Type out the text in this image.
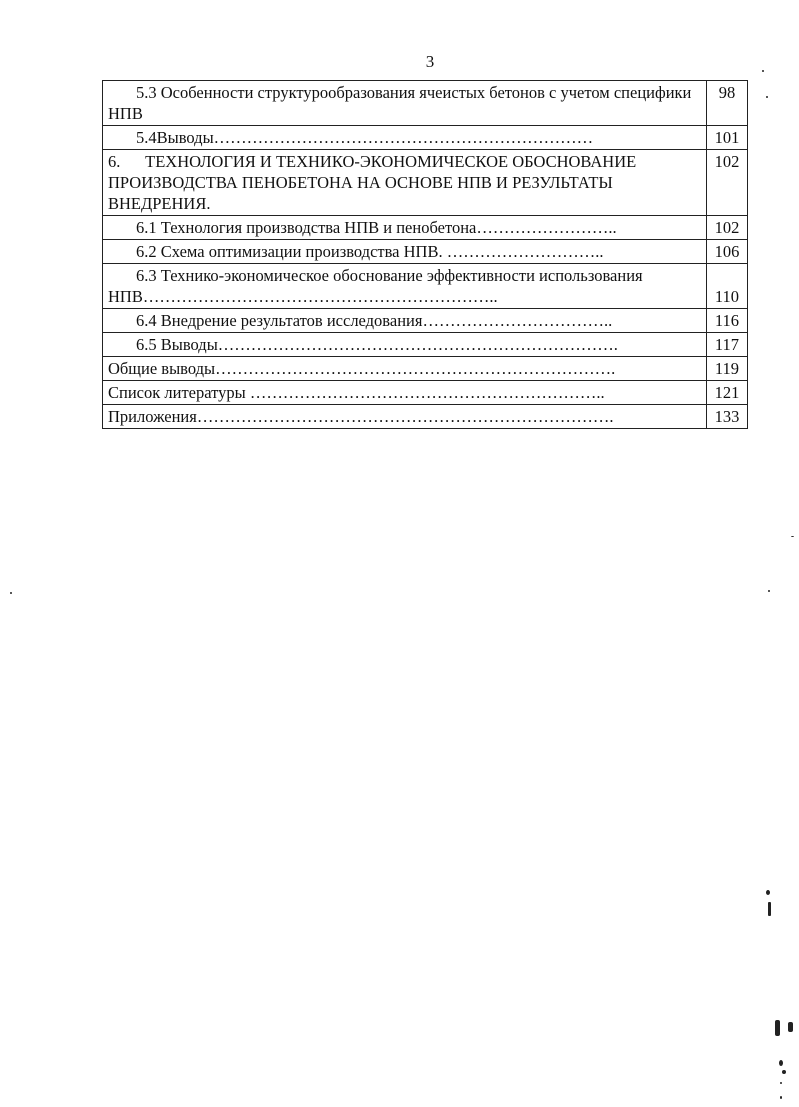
3
5.3 Особенности структурообразования ячеистых бетонов с учетом специфики НПВ	98
5.4Выводы……………………………………………………………	101
6.      ТЕХНОЛОГИЯ И ТЕХНИКО-ЭКОНОМИЧЕСКОЕ ОБОСНОВАНИЕ ПРОИЗВОДСТВА ПЕНОБЕТОНА НА ОСНОВЕ НПВ И РЕЗУЛЬТАТЫ ВНЕДРЕНИЯ.	102
6.1 Технология производства НПВ и пенобетона……………………..	102
6.2 Схема оптимизации производства НПВ. ………………………..	106
6.3 Технико-экономическое обоснование эффективности использования НПВ………………………………………………………..	110
6.4 Внедрение результатов исследования……………………………..	116
6.5 Выводы……………………………………………………………….	117
Общие выводы……………………………………………………………….	119
Список литературы ………………………………………………………..	121
Приложения………………………………………………………………….	133
